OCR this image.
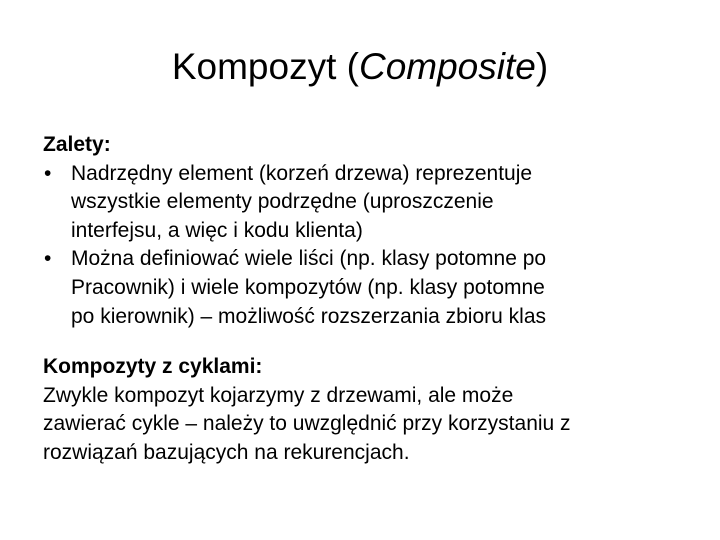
Kompozyt (Composite)
Zalety:
• Nadrzędny element (korzeń drzewa) reprezentuje
wszystkie elementy podrzędne (uproszczenie
interfejsu, a więc i kodu klienta)
• Można definiować wiele liści (np. klasy potomne po
Pracownik) i wiele kompozytów (np. klasy potomne
po kierownik) – możliwość rozszerzania zbioru klas
Kompozyty z cyklami:
Zwykle kompozyt kojarzymy z drzewami, ale może
zawierać cykle – należy to uwzględnić przy korzystaniu z
rozwiązań bazujących na rekurencjach.
